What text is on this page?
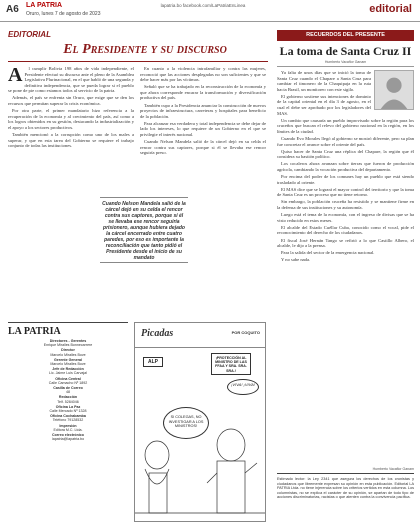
A6 LA PATRIA
Oruro, lunes 7 de agosto de 2023
lapatria.bo facebook.com/LaPatriaEnLinea	editorial
EDITORIAL
El Presidente y su discurso
A	l cumplir Bolivia 198 años de vida independiente, el Presidente efectuó su discurso ante el pleno de la Asamblea Legislativa Plurinacional, en el que habló de una segunda y definitiva independencia, que se pueda lograr si el pueblo se pone de pie como estamos todos al servicio de la patria.

Además, el país se enfrenta sin Oruro, que exige que se den los recursos que permitan superar la crisis económica.

Por otra parte, el primer mandatario hizo referencia a la recuperación de la economía y al crecimiento del país, así como a los logros obtenidos en su gestión, destacando la industrialización y el apoyo a los sectores productivos.

También mencionó a la corrupción como uno de los males a superar, y que en esta tarea del Gobierno se requiere el trabajo conjunto de todas las instituciones.

En cuanto a la violencia intrafamiliar y contra las mujeres, reconoció que las acciones desplegadas no son suficientes y que se debe hacer más por las víctimas.

Señaló que se ha trabajado en la reconstrucción de la economía y que ahora corresponde encarar la transformación y diversificación productiva del país.

También cupo a la Presidencia anunciar la construcción de nuevos proyectos de infraestructura, carreteras y hospitales para beneficio de la población.

Para alcanzar esa verdadera y total independencia se debe dejar de lado los intereses, lo que requiere de un Gobierno en el que se privilegie el interés nacional.

Cuando Nelson Mandela salió de la cárcel dejó en su celda el rencor contra sus captores, porque si él se llevaba ese rencor seguiría preso.

Cuando Nelson Mandela salió de la cárcel dejó en su celda el rencor contra sus captores, porque si él se llevaba ese rencor seguiría prisionero, aunque hubiera dejado la cárcel encerrado entre cuatro paredes, por eso es importante la reconciliación que tanto pidió el Presidente desde el inicio de su mandato

LA PATRIA
Directores - Gerentes
Enrique Miralles Bonnecarrere
Director
Marcelo Miralles Bove
Gerente General
Marcelo Miralles Bove
Jefe de Redacción
Lic. Jaime Luis Carvajal
Oficina Central
Calle Camacho Nº 1892
Casilla de Correo
48
Redacción
Telf. 5284046
Oficina La Paz
Calle Mercado Nº 1328
Oficina Cochabamba
Teléfono 79128532
Impresión
Editora M.C. Ltda.
Correo electrónico
lapatria@lapatria.bo
Picadas	POR COQUITO
ALP
¡PROTECCIÓN AL MINISTRO DE LAS FFAA Y SRA. SRA. SRA.!
¡VIVA! ¡VIVA!
SI COLEGAS, NO INVESTIGAR A LOS MINISTROS!
RECUERDOS DEL PRESENTE
La toma de Santa Cruz II
Humberto Vacaflor Ganam

Ya falta de unos días que se inició la toma de Santa Cruz cuando el Chapare a Santa Cruz para cambiar el timonero de la Chaquipaja en la ruta hacia Brasil, un monitoreo con este sigilo.

El gobierno sostiene sus intenciones de dominio de la capital oriental en el día 3 de agosto, en el cual el debe ser aprobado por los legisladores del MAS.

Un cambio que causaría un pueblo improvisado sobre la región para los cruceños que buscan el relevo del gobierno nacional en la región, en los límites de la ciudad.

Cuando Evo Morales llegó al gobierno se mostró diferente, pero su plan fue concretar el avance sobre el oriente del país.

Quiso hacer de Santa Cruz una réplica del Chapare, la región que él considera su bastión político.

Los cocaleros ahora avanzan sobre tierras que fueron de producción agrícola, cambiando la vocación productiva del departamento.

Por encima del poder de los comunes hay un pueblo que está siendo trasladado al oriente.

El MAS dice que se logrará el mayor control del territorio y que la toma de Santa Cruz es un proceso que no tiene retorno.

Sin embargo, la población cruceña ha resistido y se mantiene firme en la defensa de sus instituciones y su autonomía.

Luego está el tema de la economía, con el ingreso de divisas que se ha visto reducido en estos meses.

El alcalde del Estado Cuéllar Cuba, conocido como el vocal, pide el reconocimiento del derecho de los ciudadanos.

El fiscal José Hernán Tango se refirió a lo que Castillo Albero, el alcalde, le dijo a la prensa.

Para la salida del sector de la emergencia nacional.

Y no sabe nada.

Humberto Vacaflor Ganam
Estimado lector: la Ley 2341 que asegura los derechos de los cronistas y ciudadanos que libremente expresan su opinión en esta publicación. Editorial LA PATRIA Ltda. no tiene injerencia sobre los criterios vertidos en esta columna. Los columnistas, no se explica el carácter de su opinión, se apartan de todo tipo de acciones discriminatorias, racistas o que atenten contra la convivencia pacífica.
